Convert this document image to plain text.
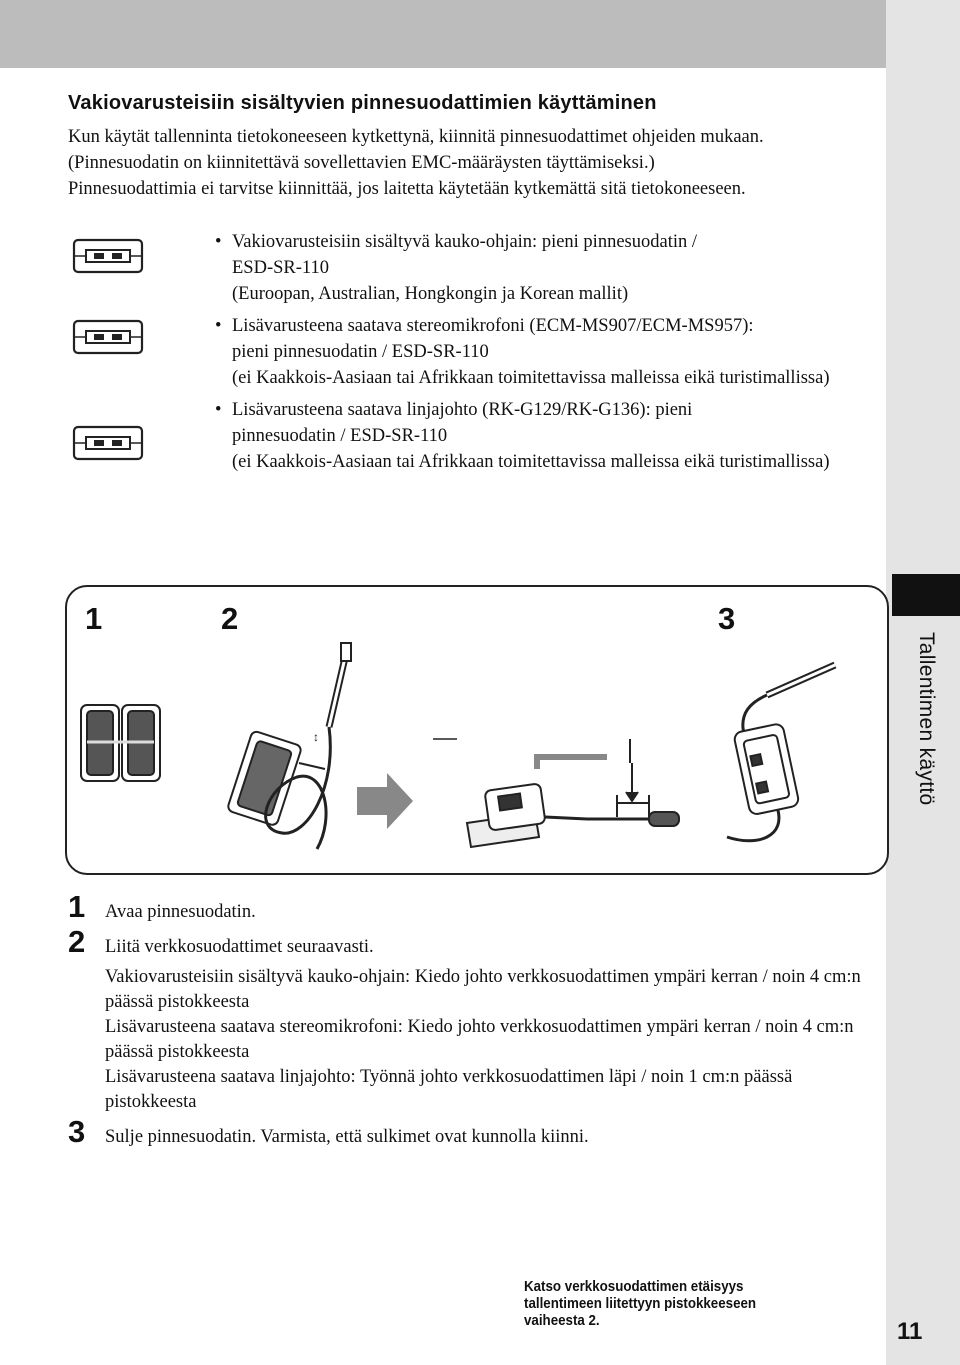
Tallentimen käyttö
11
Vakiovarusteisiin sisältyvien pinnesuodattimien käyttäminen

Kun käytät tallenninta tietokoneeseen kytkettynä, kiinnitä pinnesuodattimet ohjeiden mukaan. (Pinnesuodatin on kiinnitettävä sovellettavien EMC-määräysten täyttämiseksi.)

Pinnesuodattimia ei tarvitse kiinnittää, jos laitetta käytetään kytkemättä sitä tietokoneeseen.

• Vakiovarusteisiin sisältyvä kauko-ohjain: pieni pinnesuodatin /
ESD-SR-110
(Euroopan, Australian, Hongkongin ja Korean mallit)
• Lisävarusteena saatava stereomikrofoni (ECM-MS907/ECM-MS957):
pieni pinnesuodatin / ESD-SR-110
(ei Kaakkois-Aasiaan tai Afrikkaan toimitettavissa malleissa eikä turistimallissa)
• Lisävarusteena saatava linjajohto (RK-G129/RK-G136): pieni
pinnesuodatin / ESD-SR-110
(ei Kaakkois-Aasiaan tai Afrikkaan toimitettavissa malleissa eikä turistimallissa)
1	2	3
↕
Katso verkkosuodattimen etäisyys tallentimeen liitettyyn pistokkeeseen vaiheesta 2.
1 Avaa pinnesuodatin.

2 Liitä verkkosuodattimet seuraavasti.

Vakiovarusteisiin sisältyvä kauko-ohjain: Kiedo johto verkkosuodattimen ympäri kerran / noin 4 cm:n päässä pistokkeesta

Lisävarusteena saatava stereomikrofoni: Kiedo johto verkkosuodattimen ympäri kerran / noin 4 cm:n päässä pistokkeesta

Lisävarusteena saatava linjajohto: Työnnä johto verkkosuodattimen läpi / noin 1 cm:n päässä pistokkeesta

3 Sulje pinnesuodatin. Varmista, että sulkimet ovat kunnolla kiinni.
